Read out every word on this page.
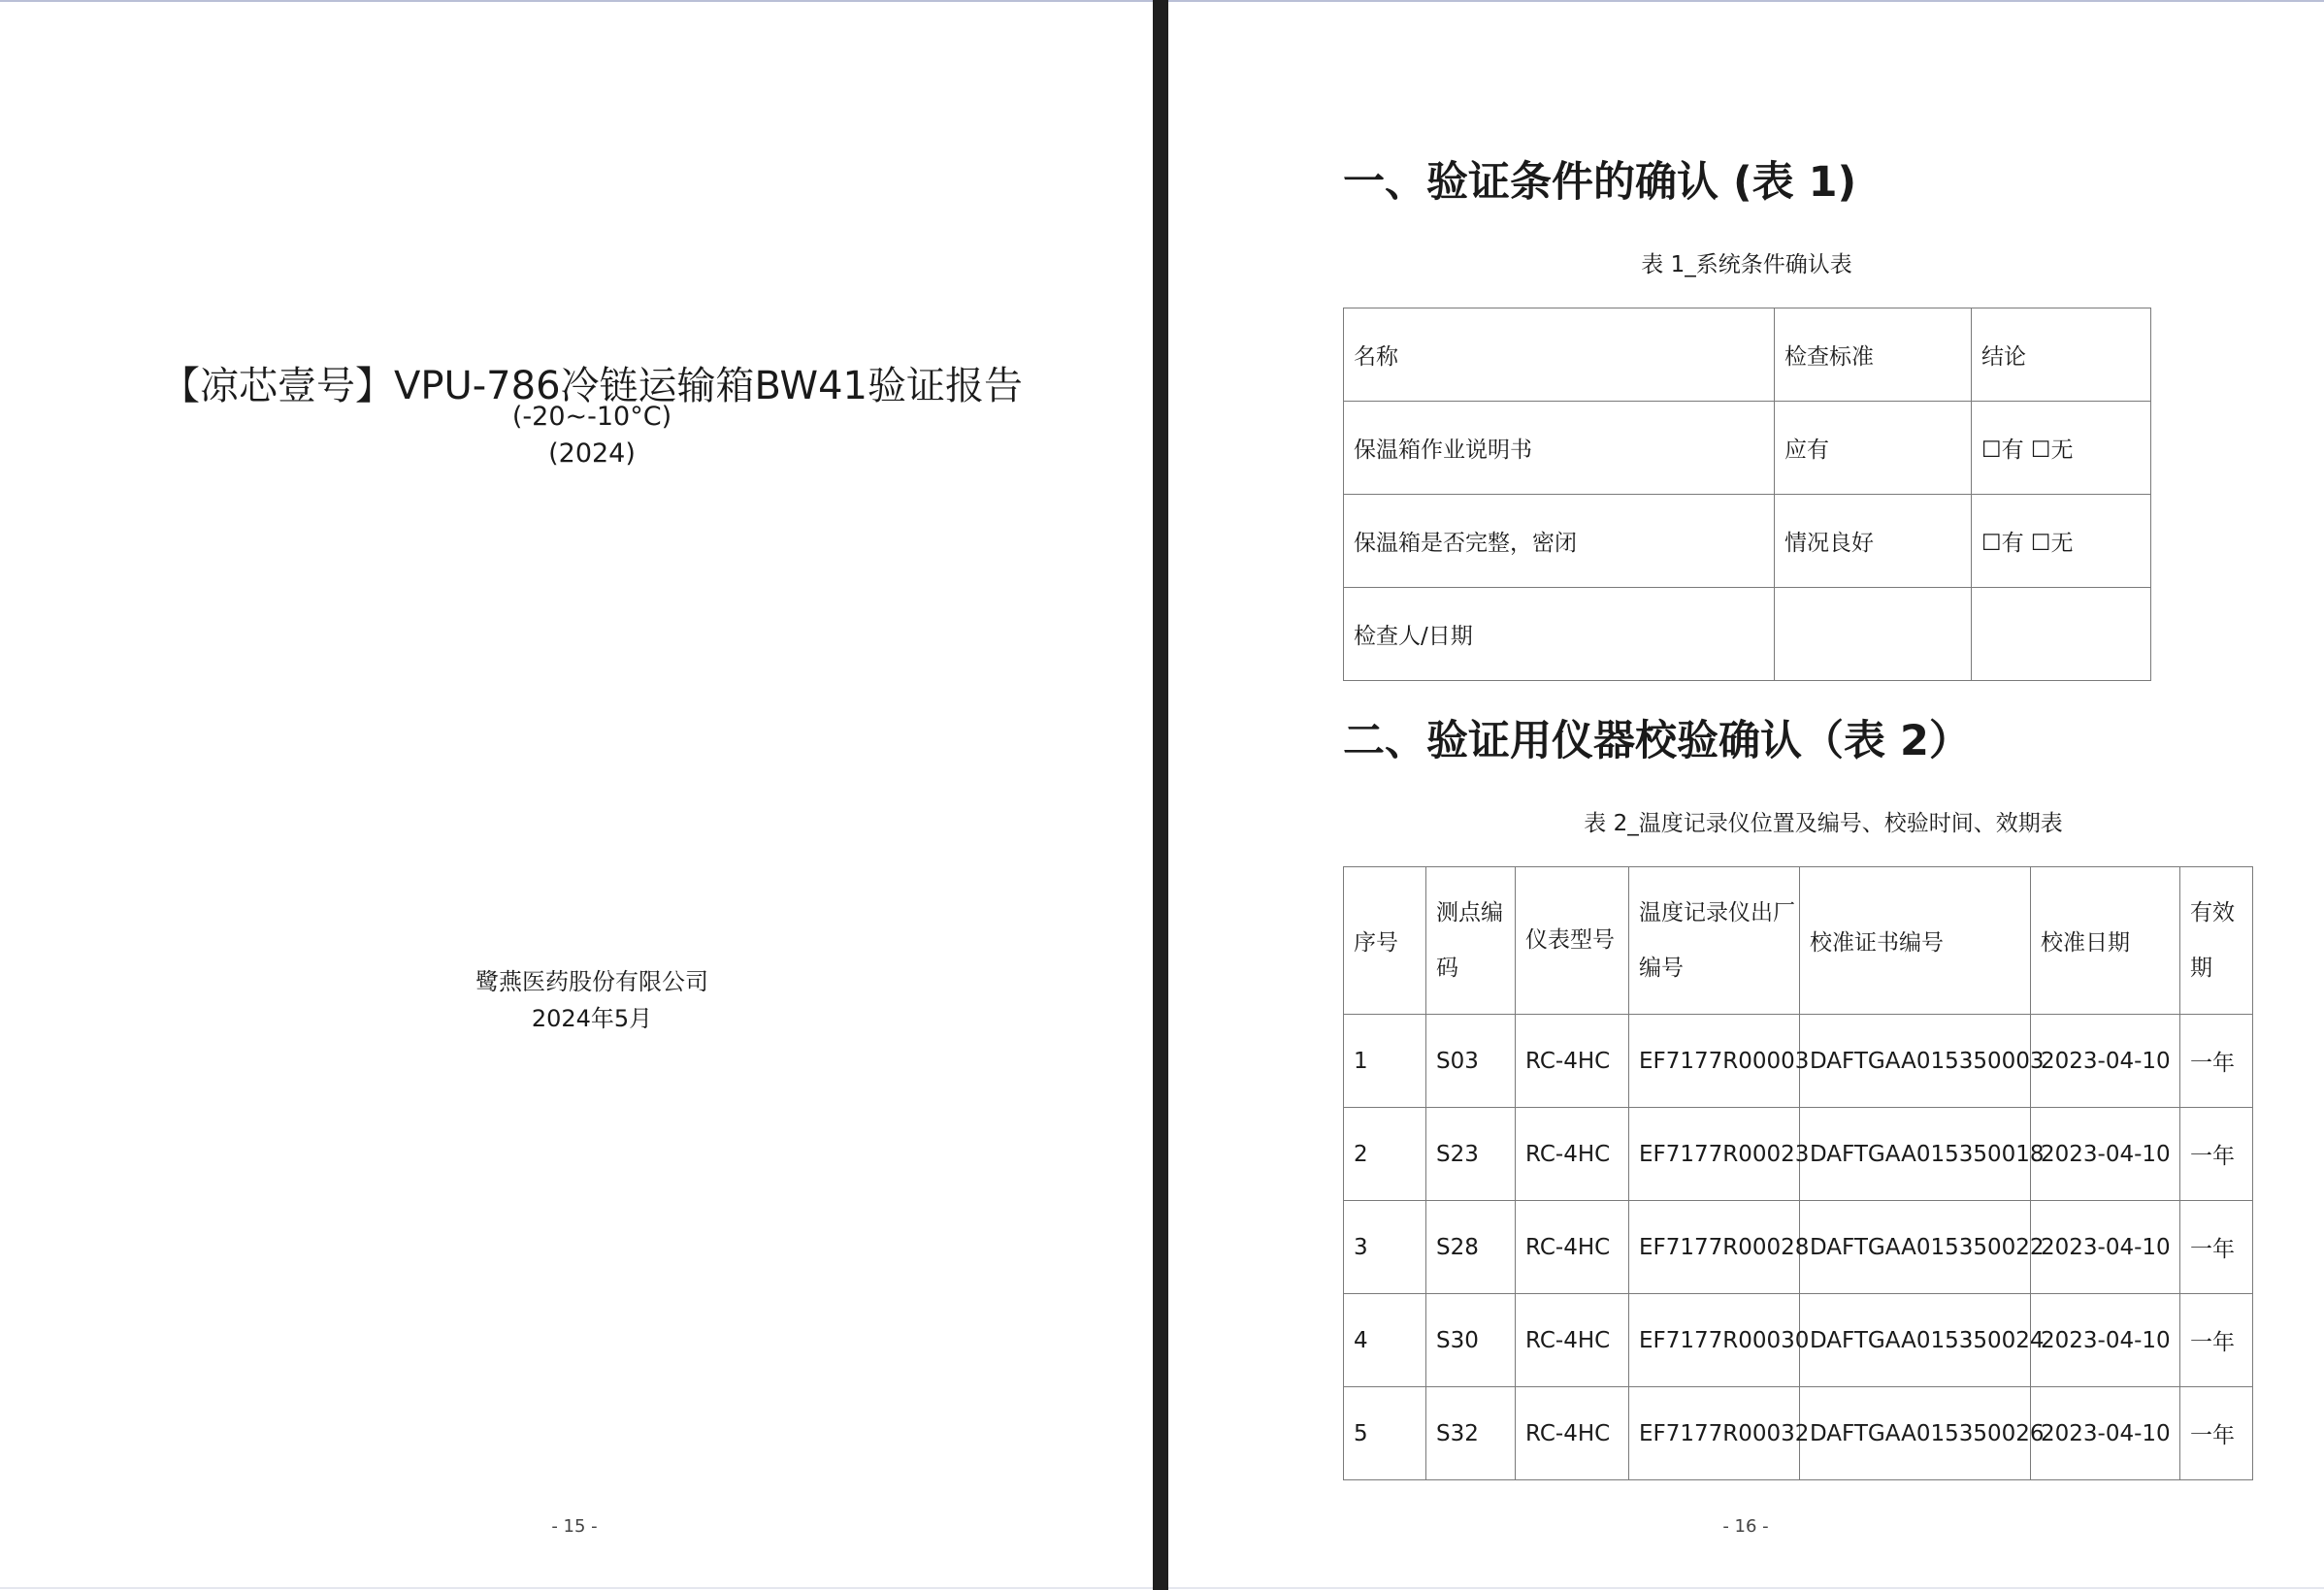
【凉芯壹号】VPU-786冷链运输箱BW41验证报告
(-20~-10°C)
(2024)
鹭燕医药股份有限公司
2024年5月
- 15 -
一、验证条件的确认 (表 1)
表 1_系统条件确认表
名称	检查标准	结论
保温箱作业说明书	应有	☐有 ☐无
保温箱是否完整，密闭	情况良好	☐有 ☐无
检查人/日期		
二、验证用仪器校验确认（表 2）
表 2_温度记录仪位置及编号、校验时间、效期表
序号	测点编码	仪表型号	温度记录仪出厂编号	校准证书编号	校准日期	有效期
1	S03	RC-4HC	EF7177R00003	DAFTGAA015350003	2023-04-10	一年
2	S23	RC-4HC	EF7177R00023	DAFTGAA015350018	2023-04-10	一年
3	S28	RC-4HC	EF7177R00028	DAFTGAA015350022	2023-04-10	一年
4	S30	RC-4HC	EF7177R00030	DAFTGAA015350024	2023-04-10	一年
5	S32	RC-4HC	EF7177R00032	DAFTGAA015350026	2023-04-10	一年
- 16 -
